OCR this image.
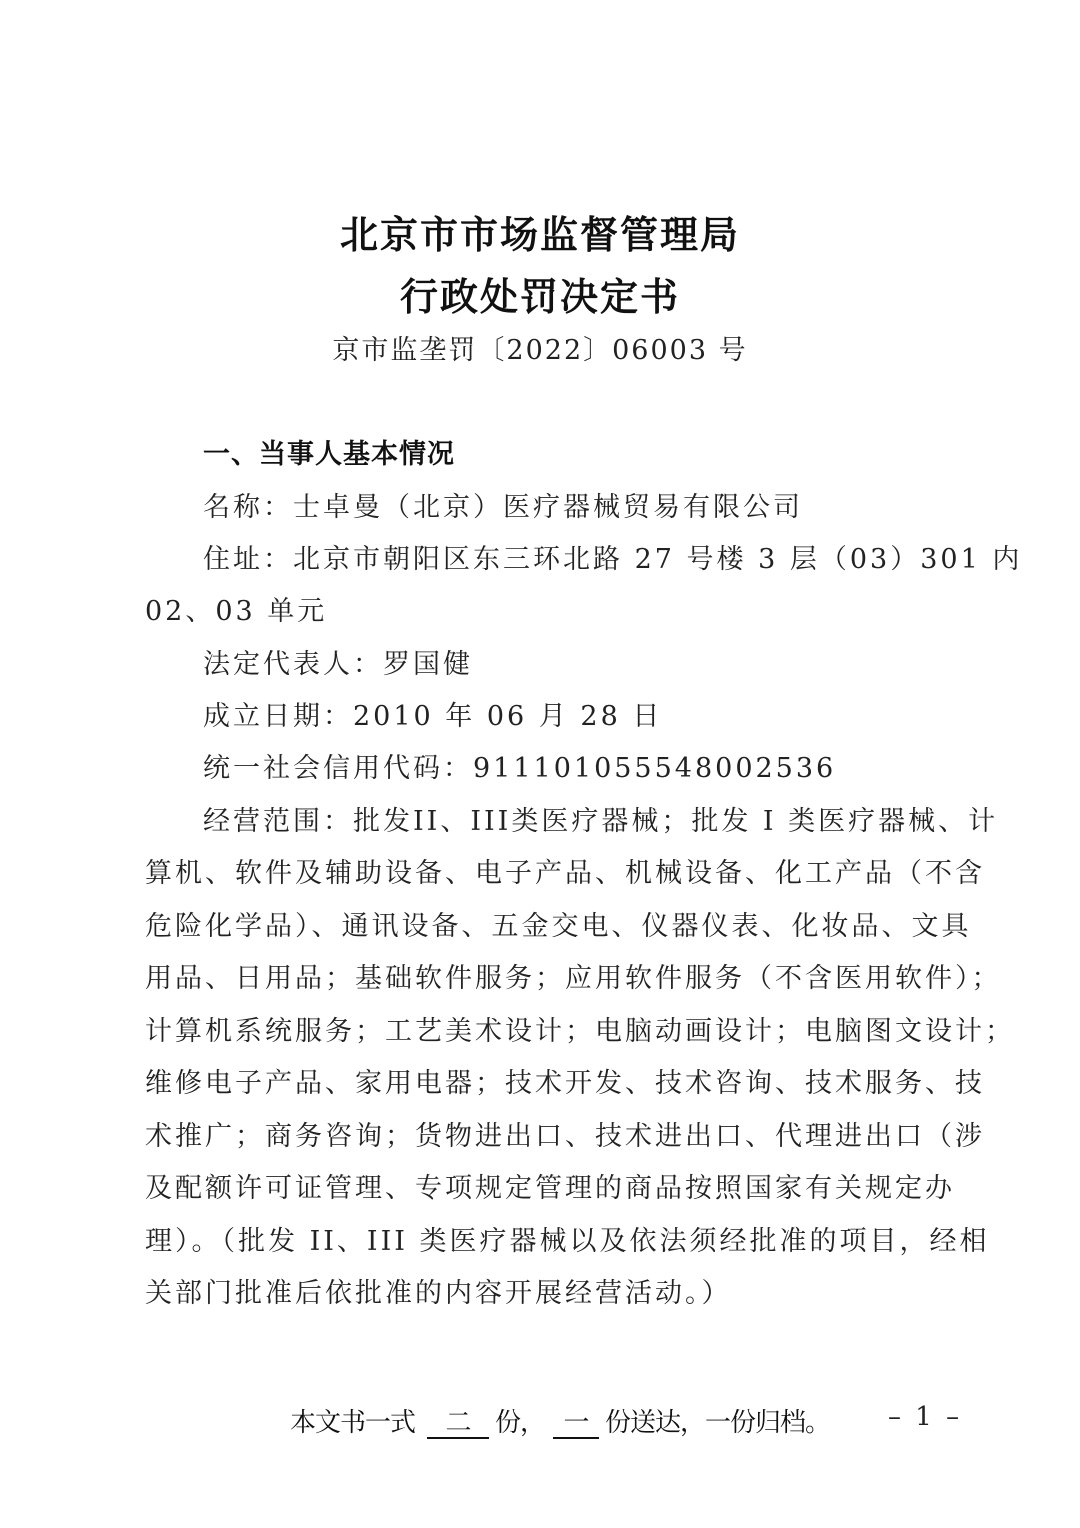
北京市市场监督管理局
行政处罚决定书
京市监垄罚〔2022〕06003 号
一、当事人基本情况
名称：士卓曼（北京）医疗器械贸易有限公司
住址：北京市朝阳区东三环北路 27 号楼 3 层（03）301 内
02、03 单元
法定代表人：罗国健
成立日期：2010 年 06 月 28 日
统一社会信用代码：911101055548002536
经营范围：批发II、III类医疗器械；批发 I 类医疗器械、计
算机、软件及辅助设备、电子产品、机械设备、化工产品（不含
危险化学品）、通讯设备、五金交电、仪器仪表、化妆品、文具
用品、日用品；基础软件服务；应用软件服务（不含医用软件）；
计算机系统服务；工艺美术设计；电脑动画设计；电脑图文设计；
维修电子产品、家用电器；技术开发、技术咨询、技术服务、技
术推广；商务咨询；货物进出口、技术进出口、代理进出口（涉
及配额许可证管理、专项规定管理的商品按照国家有关规定办
理）。（批发 II、III 类医疗器械以及依法须经批准的项目，经相
关部门批准后依批准的内容开展经营活动。）
本文书一式 二 份， 一 份送达，一份归档。 – 1 –
